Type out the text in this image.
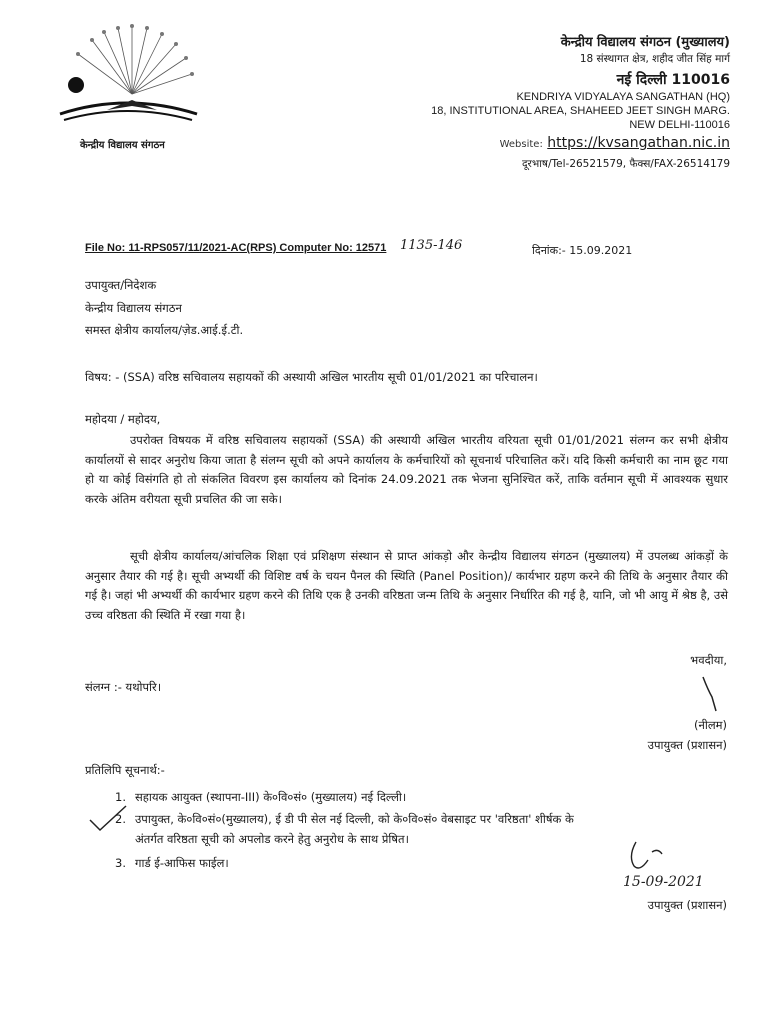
केन्द्रीय विद्यालय संगठन
केन्द्रीय विद्यालय संगठन (मुख्यालय)
18 संस्थागत क्षेत्र, शहीद जीत सिंह मार्ग
नई दिल्ली 110016
KENDRIYA VIDYALAYA SANGATHAN (HQ)
18, INSTITUTIONAL AREA, SHAHEED JEET SINGH MARG.
NEW DELHI-110016
Website: https://kvsangathan.nic.in
दूरभाष/Tel-26521579, फैक्स/FAX-26514179
File No: 11-RPS057/11/2021-AC(RPS) Computer No: 12571 1135-146	दिनांक:- 15.09.2021
उपायुक्त/निदेशक
केन्द्रीय विद्यालय संगठन
समस्त क्षेत्रीय कार्यालय/ज़ेड.आई.ई.टी.
विषय: - (SSA) वरिष्ठ सचिवालय सहायकों की अस्थायी अखिल भारतीय सूची 01/01/2021 का परिचालन।
महोदया / महोदय,
उपरोक्त विषयक में वरिष्ठ सचिवालय सहायकों (SSA) की अस्थायी अखिल भारतीय वरियता सूची 01/01/2021 संलग्न कर सभी क्षेत्रीय कार्यालयों से सादर अनुरोध किया जाता है संलग्न सूची को अपने कार्यालय के कर्मचारियों को सूचनार्थ परिचालित करें। यदि किसी कर्मचारी का नाम छूट गया हो या कोई विसंगति हो तो संकलित विवरण इस कार्यालय को दिनांक 24.09.2021 तक भेजना सुनिश्चित करें, ताकि वर्तमान सूची में आवश्यक सुधार करके अंतिम वरीयता सूची प्रचलित की जा सके।
सूची क्षेत्रीय कार्यालय/आंचलिक शिक्षा एवं प्रशिक्षण संस्थान से प्राप्त आंकड़ो और केन्द्रीय विद्यालय संगठन (मुख्यालय) में उपलब्ध आंकड़ों के अनुसार तैयार की गई है। सूची अभ्यर्थी की विशिष्ट वर्ष के चयन पैनल की स्थिति (Panel Position)/ कार्यभार ग्रहण करने की तिथि के अनुसार तैयार की गई है। जहां भी अभ्यर्थी की कार्यभार ग्रहण करने की तिथि एक है उनकी वरिष्ठता जन्म तिथि के अनुसार निर्धारित की गई है, यानि, जो भी आयु में श्रेष्ठ है, उसे उच्च वरिष्ठता की स्थिति में रखा गया है।
भवदीया,
संलग्न :- यथोपरि।
(नीलम)
उपायुक्त (प्रशासन)
प्रतिलिपि सूचनार्थ:-
1. सहायक आयुक्त (स्थापना-III) के०वि०सं० (मुख्यालय) नई दिल्ली।
2. उपायुक्त, के०वि०सं०(मुख्यालय), ई डी पी सेल नई दिल्ली, को के०वि०सं० वेबसाइट पर 'वरिष्ठता' शीर्षक के
अंतर्गत वरिष्ठता सूची को अपलोड करने हेतु अनुरोध के साथ प्रेषित।
3. गार्ड ई-आफिस फाईल।
15-09-2021
उपायुक्त (प्रशासन)
